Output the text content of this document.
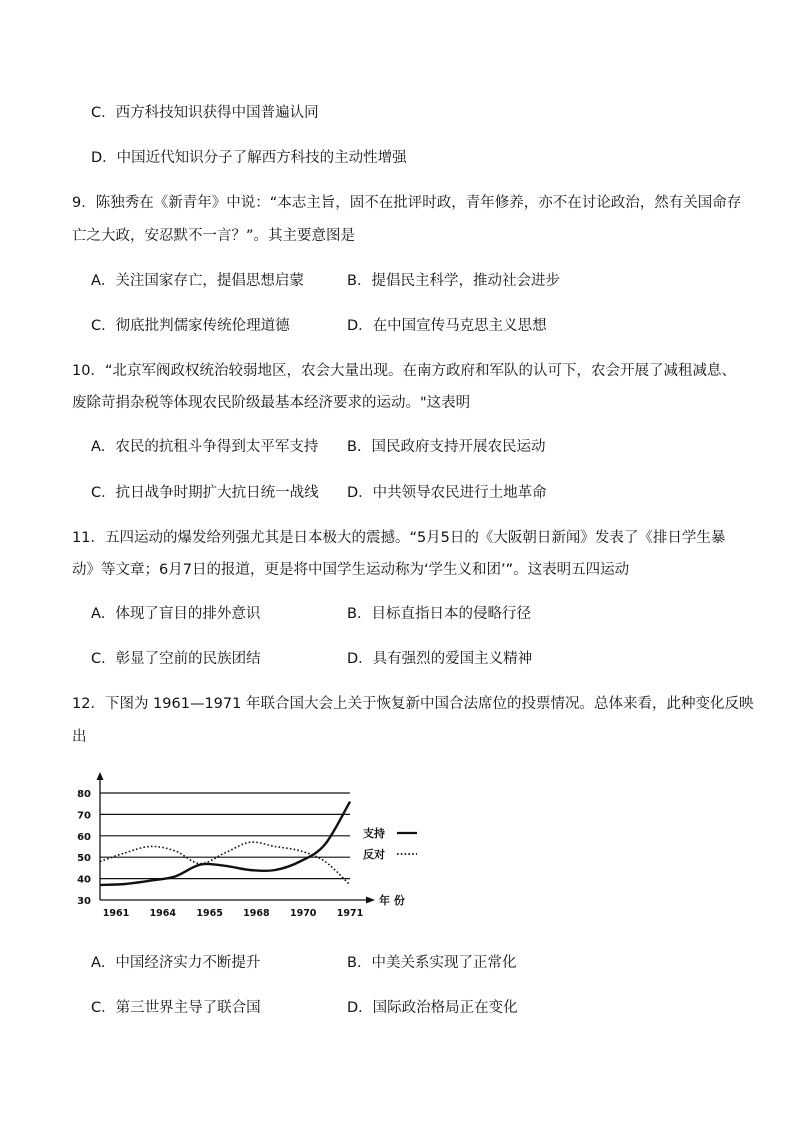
C．西方科技知识获得中国普遍认同
D．中国近代知识分子了解西方科技的主动性增强
9．陈独秀在《新青年》中说：“本志主旨，固不在批评时政，青年修养，亦不在讨论政治，然有关国命存
亡之大政，安忍默不一言？”。其主要意图是
A．关注国家存亡，提倡思想启蒙	B．提倡民主科学，推动社会进步
C．彻底批判儒家传统伦理道德	D．在中国宣传马克思主义思想
10．“北京军阀政权统治较弱地区，农会大量出现。在南方政府和军队的认可下，农会开展了减租减息、
废除苛捐杂税等体现农民阶级最基本经济要求的运动。"这表明
A．农民的抗租斗争得到太平军支持 B．国民政府支持开展农民运动
C．抗日战争时期扩大抗日统一战线 D．中共领导农民进行土地革命
11．五四运动的爆发给列强尤其是日本极大的震撼。“5月5日的《大阪朝日新闻》发表了《排日学生暴
动》等文章；6月7日的报道，更是将中国学生运动称为‘学生义和团’”。这表明五四运动
A．体现了盲目的排外意识	B．目标直指日本的侵略行径
C．彰显了空前的民族团结	D．具有强烈的爱国主义精神
12．下图为 1961—1971 年联合国大会上关于恢复新中国合法席位的投票情况。总体来看，此种变化反映
出
30
40
50
60
70
80
年 份
1961 1964 1965 1968 1970 1971
支持
反对
A．中国经济实力不断提升	B．中美关系实现了正常化
C．第三世界主导了联合国	D．国际政治格局正在变化
